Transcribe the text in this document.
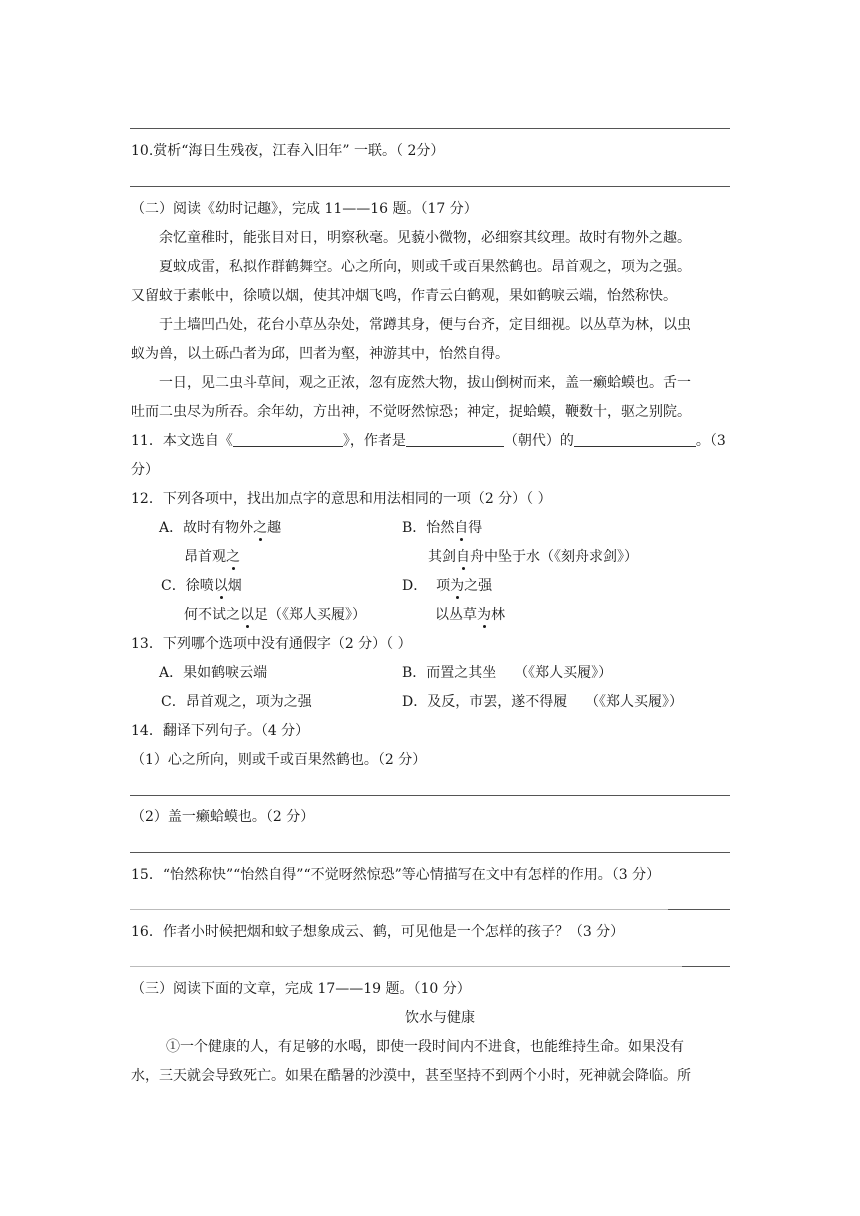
10.赏析“海日生残夜，江春入旧年” 一联。（ 2分）
（二）阅读《幼时记趣》，完成 11——16 题。（17 分）
余忆童稚时，能张目对日，明察秋毫。见藐小微物，必细察其纹理。故时有物外之趣。
夏蚊成雷，私拟作群鹤舞空。心之所向，则或千或百果然鹤也。昂首观之，项为之强。
又留蚊于素帐中，徐喷以烟，使其冲烟飞鸣，作青云白鹤观，果如鹤唳云端，怡然称快。
于土墙凹凸处，花台小草丛杂处，常蹲其身，便与台齐，定目细视。以丛草为林，以虫
蚁为兽，以土砾凸者为邱，凹者为壑，神游其中，怡然自得。
一日，见二虫斗草间，观之正浓，忽有庞然大物，拔山倒树而来，盖一癞蛤蟆也。舌一
吐而二虫尽为所吞。余年幼，方出神，不觉呀然惊恐；神定，捉蛤蟆，鞭数十，驱之别院。
11．本文选自《	》，作者是	（朝代）的	。（3
分）
12．下列各项中，找出加点字的意思和用法相同的一项（2 分）（ ）
A．故时有物外之趣	B．怡然自得
昂首观之	其剑自舟中坠于水（《刻舟求剑》）
C．徐喷以烟	D．  项为之强
何不试之以足（《郑人买履》）	以丛草为林
13．下列哪个选项中没有通假字（2 分）（ ）
A．果如鹤唳云端	B．而置之其坐    （《郑人买履》）
C．昂首观之，项为之强	D．及反，市罢，遂不得履    （《郑人买履》）
14．翻译下列句子。（4 分）
（1）心之所向，则或千或百果然鹤也。（2 分）
（2）盖一癞蛤蟆也。（2 分）
15．“怡然称快”“怡然自得”“不觉呀然惊恐”等心情描写在文中有怎样的作用。（3 分）
16．作者小时候把烟和蚊子想象成云、鹤，可见他是一个怎样的孩子？（3 分）
（三）阅读下面的文章，完成 17——19 题。（10 分）
饮水与健康
①一个健康的人，有足够的水喝，即使一段时间内不进食，也能维持生命。如果没有
水，三天就会导致死亡。如果在酷暑的沙漠中，甚至坚持不到两个小时，死神就会降临。所
